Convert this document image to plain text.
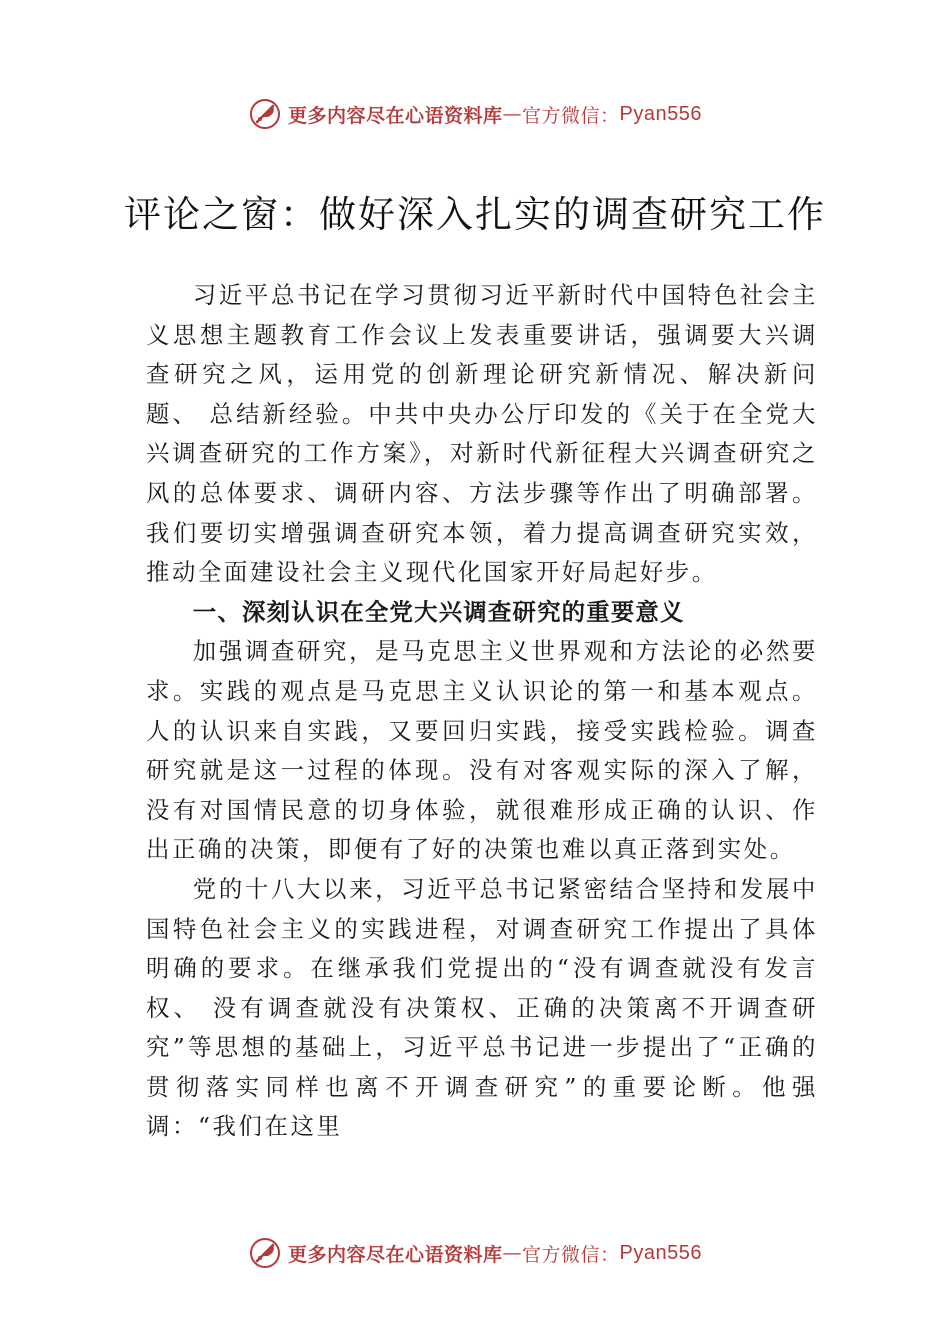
更多内容尽在心语资料库 — 官方微信： Pyan556
评论之窗：做好深入扎实的调查研究工作

习近平总书记在学习贯彻习近平新时代中国特色社会主义思想主题教育工作会议上发表重要讲话，强调要大兴调查研究之风，运用党的创新理论研究新情况、解决新问题、 总结新经验。中共中央办公厅印发的《关于在全党大兴调查研究的工作方案》，对新时代新征程大兴调查研究之风的总体要求、调研内容、方法步骤等作出了明确部署。我们要切实增强调查研究本领，着力提高调查研究实效，推动全面建设社会主义现代化国家开好局起好步。

一、深刻认识在全党大兴调查研究的重要意义

加强调查研究，是马克思主义世界观和方法论的必然要求。实践的观点是马克思主义认识论的第一和基本观点。人的认识来自实践，又要回归实践，接受实践检验。调查研究就是这一过程的体现。没有对客观实际的深入了解，没有对国情民意的切身体验，就很难形成正确的认识、作出正确的决策，即便有了好的决策也难以真正落到实处。

党的十八大以来，习近平总书记紧密结合坚持和发展中国特色社会主义的实践进程，对调查研究工作提出了具体明确的要求。在继承我们党提出的“没有调查就没有发言权、 没有调查就没有决策权、正确的决策离不开调查研究”等思想的基础上，习近平总书记进一步提出了“正确的贯彻落实同样也离不开调查研究”的重要论断。他强调：“我们在这里

更多内容尽在心语资料库 — 官方微信： Pyan556
